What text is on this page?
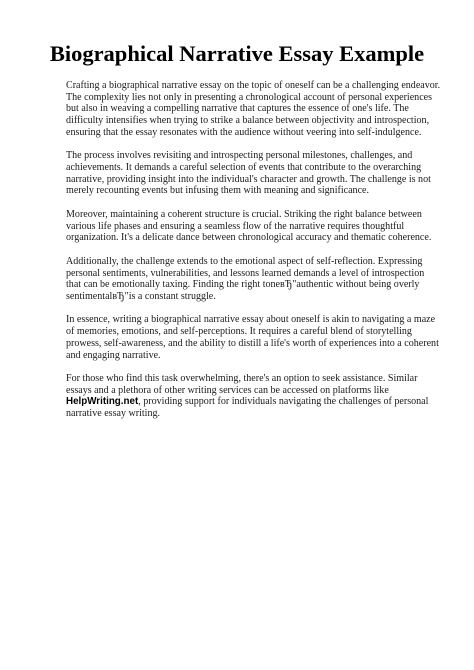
Biographical Narrative Essay Example

Crafting a biographical narrative essay on the topic of oneself can be a challenging endeavor. The complexity lies not only in presenting a chronological account of personal experiences but also in weaving a compelling narrative that captures the essence of one's life. The difficulty intensifies when trying to strike a balance between objectivity and introspection, ensuring that the essay resonates with the audience without veering into self-indulgence.

The process involves revisiting and introspecting personal milestones, challenges, and achievements. It demands a careful selection of events that contribute to the overarching narrative, providing insight into the individual's character and growth. The challenge is not merely recounting events but infusing them with meaning and significance.

Moreover, maintaining a coherent structure is crucial. Striking the right balance between various life phases and ensuring a seamless flow of the narrative requires thoughtful organization. It's a delicate dance between chronological accuracy and thematic coherence.

Additionally, the challenge extends to the emotional aspect of self-reflection. Expressing personal sentiments, vulnerabilities, and lessons learned demands a level of introspection that can be emotionally taxing. Finding the right toneвЂ"authentic without being overly sentimentalвЂ"is a constant struggle.

In essence, writing a biographical narrative essay about oneself is akin to navigating a maze of memories, emotions, and self-perceptions. It requires a careful blend of storytelling prowess, self-awareness, and the ability to distill a life's worth of experiences into a coherent and engaging narrative.

For those who find this task overwhelming, there's an option to seek assistance. Similar essays and a plethora of other writing services can be accessed on platforms like HelpWriting.net, providing support for individuals navigating the challenges of personal narrative essay writing.
